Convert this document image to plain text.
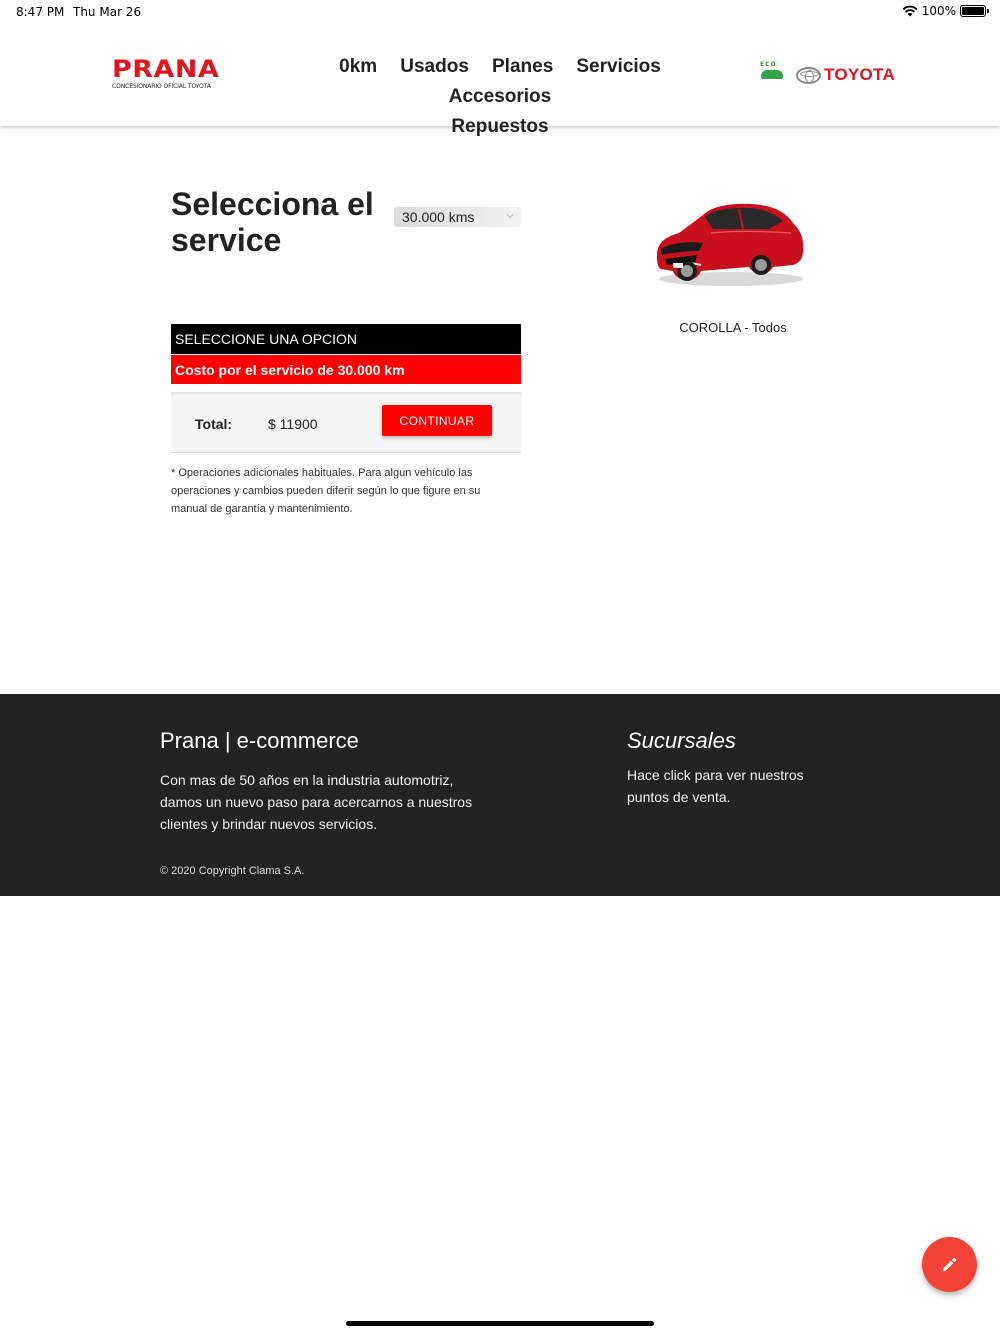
8:47 PM Thu Mar 26	100%
PRANA
CONCESIONARIO OFICIAL TOYOTA
0km Usados Planes Servicios Accesorios
Repuestos
ECO
TOYOTA
Selecciona el service
30.000 kms
SELECCIONE UNA OPCION
Costo por el servicio de 30.000 km
Total:	$ 11900	CONTINUAR

* Operaciones adicionales habituales. Para algun vehículo las operaciones y cambios pueden diferir según lo que figure en su manual de garantía y mantenimiento.

COROLLA - Todos
Prana | e-commerce

Con mas de 50 años en la industria automotriz, damos un nuevo paso para acercarnos a nuestros clientes y brindar nuevos servicios.

© 2020 Copyright Clama S.A.
Sucursales

Hace click para ver nuestros puntos de venta.
